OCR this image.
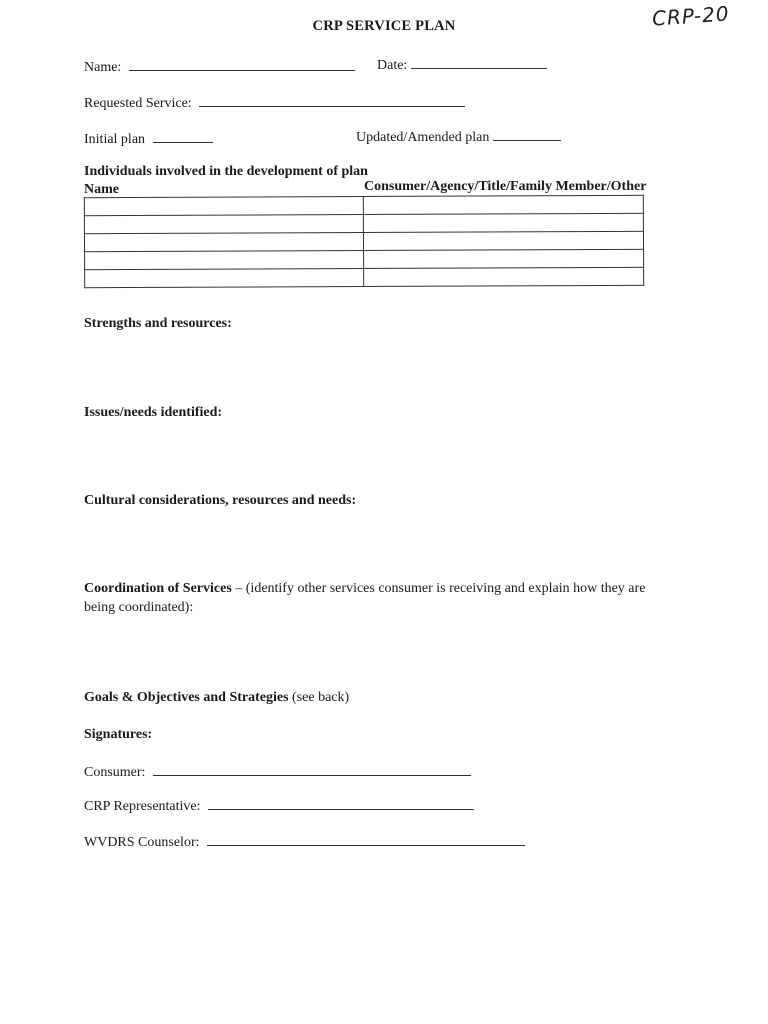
CRP SERVICE PLAN	CRP-20
Name:	Date:
Requested Service:
Initial plan	Updated/Amended plan
Individuals involved in the development of plan
Name	Consumer/Agency/Title/Family Member/Other

Strengths and resources:
Issues/needs identified:
Cultural considerations, resources and needs:
Coordination of Services – (identify other services consumer is receiving and explain how they are
being coordinated):
Goals & Objectives and Strategies (see back)
Signatures:
Consumer:
CRP Representative:
WVDRS Counselor:
